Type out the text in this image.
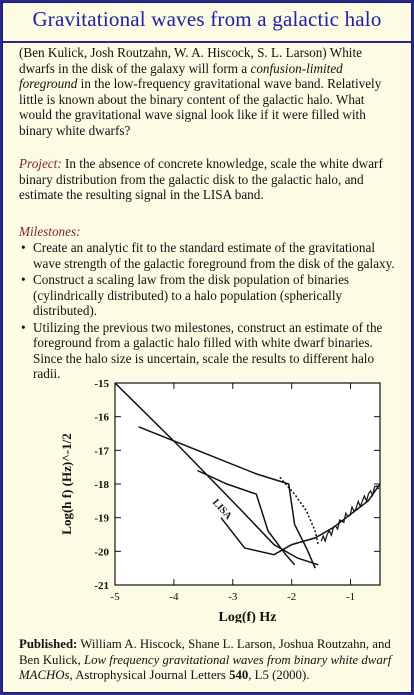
Gravitational waves from a galactic halo
(Ben Kulick, Josh Routzahn, W. A. Hiscock, S. L. Larson) White dwarfs in the disk of the galaxy will form a confusion-limited foreground in the low-frequency gravitational wave band. Relatively little is known about the binary content of the galactic halo. What would the gravitational wave signal look like if it were filled with binary white dwarfs?
Project: In the absence of concrete knowledge, scale the white dwarf binary distribution from the galactic disk to the galactic halo, and estimate the resulting signal in the LISA band.
Milestones:
• Create an analytic fit to the standard estimate of the gravitational wave strength of the galactic foreground from the disk of the galaxy.
• Construct a scaling law from the disk population of binaries (cylindrically distributed) to a halo population (spherically distributed).
• Utilizing the previous two milestones, construct an estimate of the foreground from a galactic halo filled with white dwarf binaries. Since the halo size is uncertain, scale the results to different halo radii.
-5	-4	-3	-2	-1
-15
-16
-17
-18
-19
-20
-21
LISA
Log(f) Hz
Log(h f) (Hz)^-1/2
Published: William A. Hiscock, Shane L. Larson, Joshua Routzahn, and Ben Kulick, Low frequency gravitational waves from binary white dwarf MACHOs, Astrophysical Journal Letters 540, L5 (2000).
